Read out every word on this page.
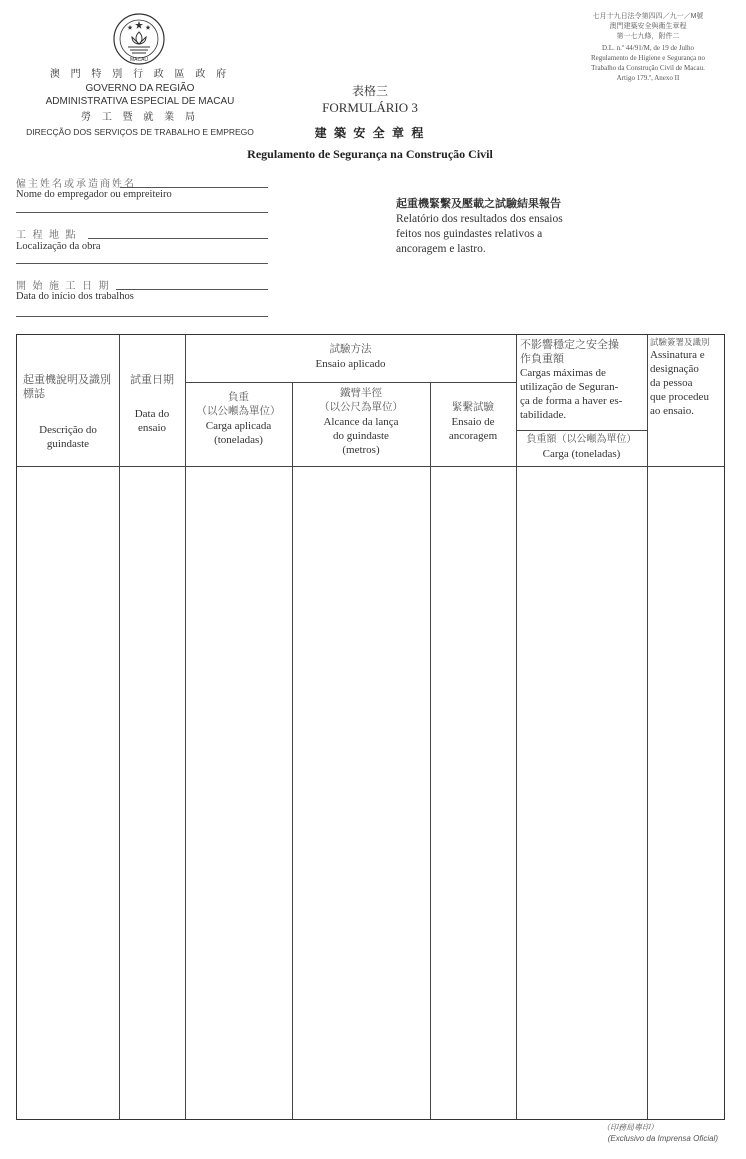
MACAU
澳 門 特 別 行 政 區 政 府
GOVERNO DA REGIÃO
ADMINISTRATIVA ESPECIAL DE MACAU
勞 工 暨 就 業 局
DIRECÇÃO DOS SERVIÇOS DE TRABALHO E EMPREGO
七月十九日法令第四四／九一／M號
澳門建築安全與衛生章程
第一七九條，附件二
D.L. n.º 44/91/M, de 19 de Julho
Regulamento de Higiene e Segurança no
Trabalho da Construção Civil de Macau.
Artigo 179.º, Anexo II
表格三
FORMULÁRIO 3
建 築 安 全 章 程
Regulamento de Segurança na Construção Civil
僱主姓名或承造商姓名
Nome do empregador ou empreiteiro
工 程 地 點
Localização da obra
開 始 施 工 日 期
Data do início dos trabalhos
起重機緊繫及壓載之試驗結果報告
Relatório dos resultados dos ensaios
feitos nos guindastes relativos a
ancoragem e lastro.
起重機說明及識別標誌
Descrição do
guindaste
試重日期
Data do
ensaio
試驗方法
Ensaio aplicado
負重
（以公噸為單位）
Carga aplicada
(toneladas)
鐵臂半徑
（以公尺為單位）
Alcance da lança
do guindaste
(metros)
緊繫試驗
Ensaio de
ancoragem
不影響穩定之安全操
作負重額
Cargas máximas de
utilização de Seguran-
ça de forma a haver es-
tabilidade.
負重額（以公噸為單位）
Carga (toneladas)
試驗簽署及識別
Assinatura e
designação
da pessoa
que procedeu
ao ensaio.
（印務局專印）
(Exclusivo da Imprensa Oficial)
